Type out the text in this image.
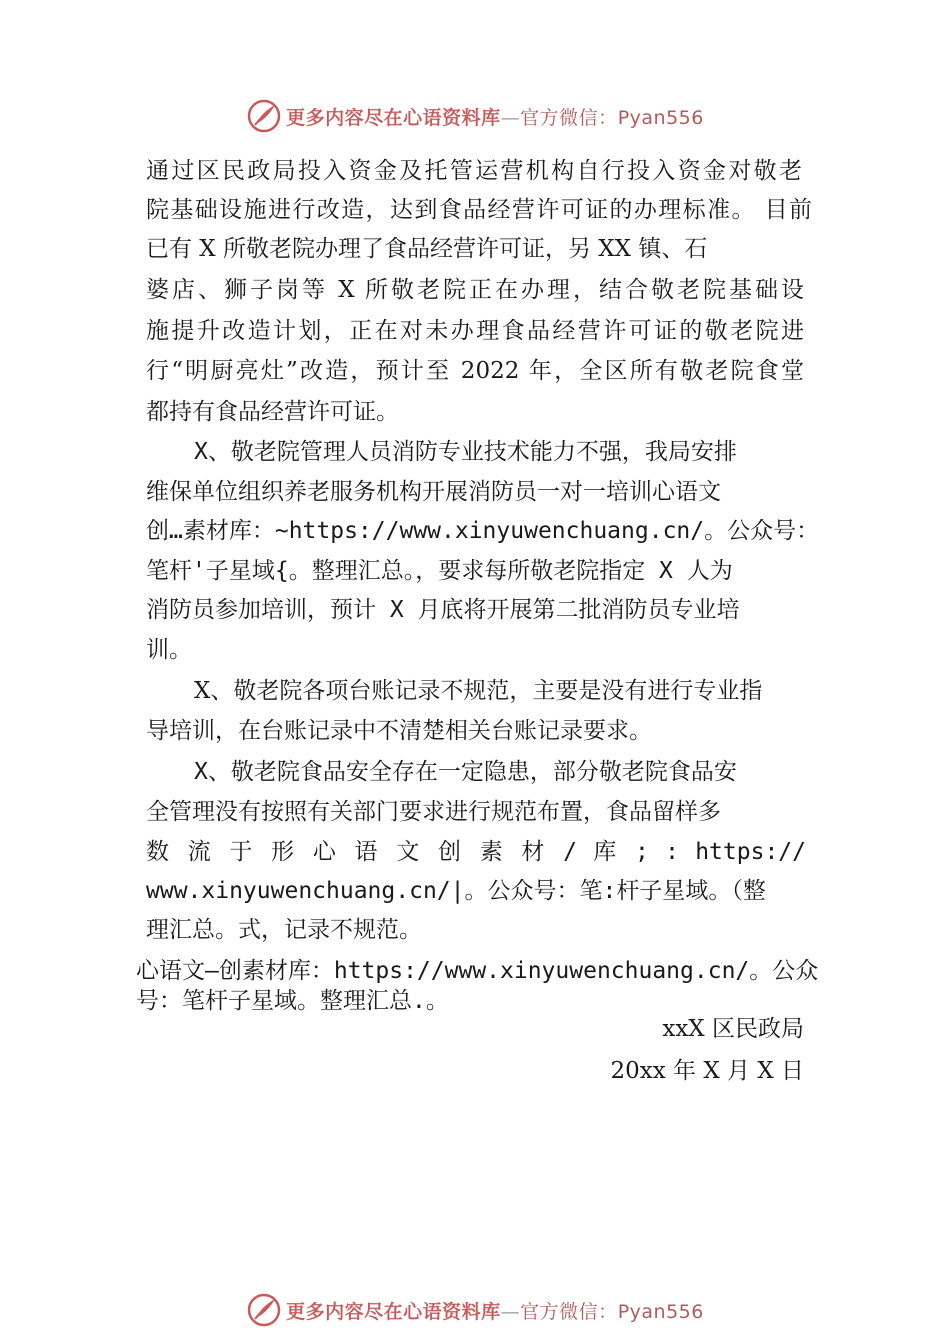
更多内容尽在心语资料库—官方微信：Pyan556
通过区民政局投入资金及托管运营机构自行投入资金对敬老
院基础设施进行改造，达到食品经营许可证的办理标准。 目前
已有 X 所敬老院办理了食品经营许可证，另 XX 镇、石
婆店、狮子岗等 X 所敬老院正在办理，结合敬老院基础设
施提升改造计划，正在对未办理食品经营许可证的敬老院进
行“明厨亮灶”改造，预计至 2022 年，全区所有敬老院食堂
都持有食品经营许可证。
X、敬老院管理人员消防专业技术能力不强，我局安排
维保单位组织养老服务机构开展消防员一对一培训心语文
创…素材库：~https://www.xinyuwenchuang.cn/。公众号：
笔杆'子星域{。整理汇总。，要求每所敬老院指定 X 人为
消防员参加培训，预计 X 月底将开展第二批消防员专业培
训。
X、敬老院各项台账记录不规范，主要是没有进行专业指
导培训，在台账记录中不清楚相关台账记录要求。
X、敬老院食品安全存在一定隐患，部分敬老院食品安
全管理没有按照有关部门要求进行规范布置，食品留样多
数 流 于 形 心 语 文 创 素 材 / 库 ; : https://
www.xinyuwenchuang.cn/|。公众号：笔:杆子星域。（整
理汇总。式，记录不规范。
心语文—创素材库：https://www.xinyuwenchuang.cn/。公众
号：笔杆子星域。整理汇总.。
xxX 区民政局
20xx 年 X 月 X 日
更多内容尽在心语资料库—官方微信：Pyan556
